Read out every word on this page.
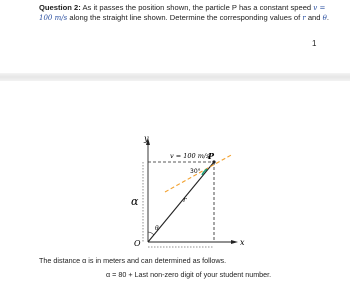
Question 2: As it passes the position shown, the particle P has a constant speed v = 100 m/s along the straight line shown. Determine the corresponding values of r and θ.
1
y
x
O
v = 100 m/s
P
30°
r
θ
α
The distance α is in meters and can determined as follows.
α = 80 + Last non-zero digit of your student number.
